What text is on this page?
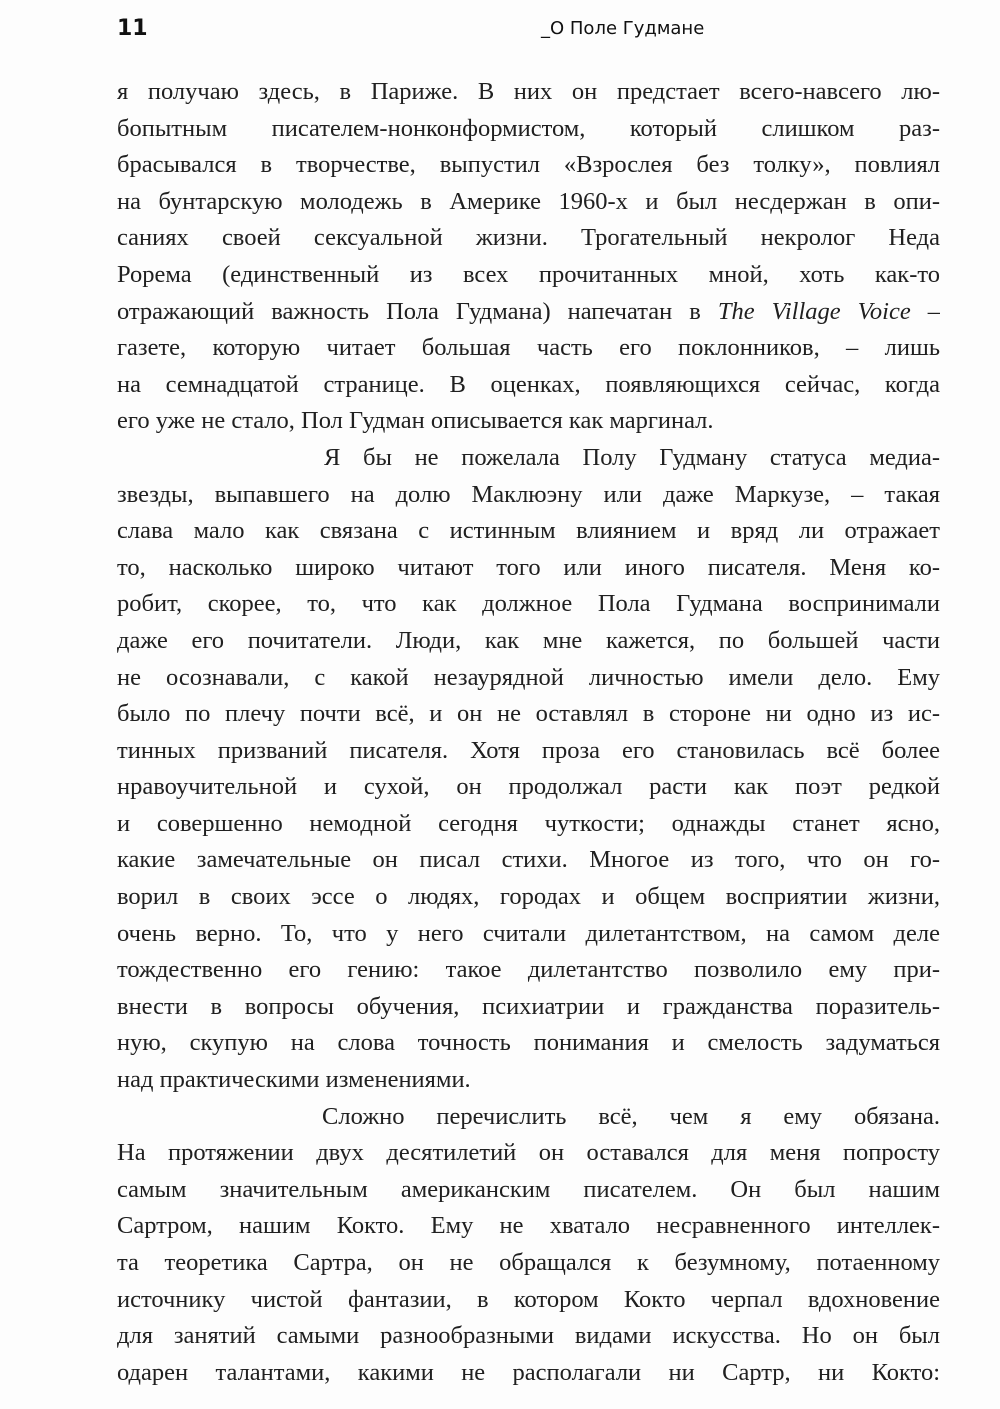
11	_О Поле Гудмане
я получаю здесь, в Париже. В них он предстает всего-навсего лю-
бопытным писателем-нонконформистом, который слишком раз-
брасывался в творчестве, выпустил «Взрослея без толку», повлиял
на бунтарскую молодежь в Америке 1960-х и был несдержан в опи-
саниях своей сексуальной жизни. Трогательный некролог Неда
Рорема (единственный из всех прочитанных мной, хоть как-то
отражающий важность Пола Гудмана) напечатан в The Village Voice –
газете, которую читает большая часть его поклонников, – лишь
на семнадцатой странице. В оценках, появляющихся сейчас, когда
его уже не стало, Пол Гудман описывается как маргинал.
Я бы не пожелала Полу Гудману статуса медиа-
звезды, выпавшего на долю Маклюэну или даже Маркузе, – такая
слава мало как связана с истинным влиянием и вряд ли отражает
то, насколько широко читают того или иного писателя. Меня ко-
робит, скорее, то, что как должное Пола Гудмана воспринимали
даже его почитатели. Люди, как мне кажется, по большей части
не осознавали, с какой незаурядной личностью имели дело. Ему
было по плечу почти всё, и он не оставлял в стороне ни одно из ис-
тинных призваний писателя. Хотя проза его становилась всё более
нравоучительной и сухой, он продолжал расти как поэт редкой
и совершенно немодной сегодня чуткости; однажды станет ясно,
какие замечательные он писал стихи. Многое из того, что он го-
ворил в своих эссе о людях, городах и общем восприятии жизни,
очень верно. То, что у него считали дилетантством, на самом деле
тождественно его гению: такое дилетантство позволило ему при-
внести в вопросы обучения, психиатрии и гражданства поразитель-
ную, скупую на слова точность понимания и смелость задуматься
над практическими изменениями.
Сложно перечислить всё, чем я ему обязана.
На протяжении двух десятилетий он оставался для меня попросту
самым значительным американским писателем. Он был нашим
Сартром, нашим Кокто. Ему не хватало несравненного интеллек-
та теоретика Сартра, он не обращался к безумному, потаенному
источнику чистой фантазии, в котором Кокто черпал вдохновение
для занятий самыми разнообразными видами искусства. Но он был
одарен талантами, какими не располагали ни Сартр, ни Кокто:
